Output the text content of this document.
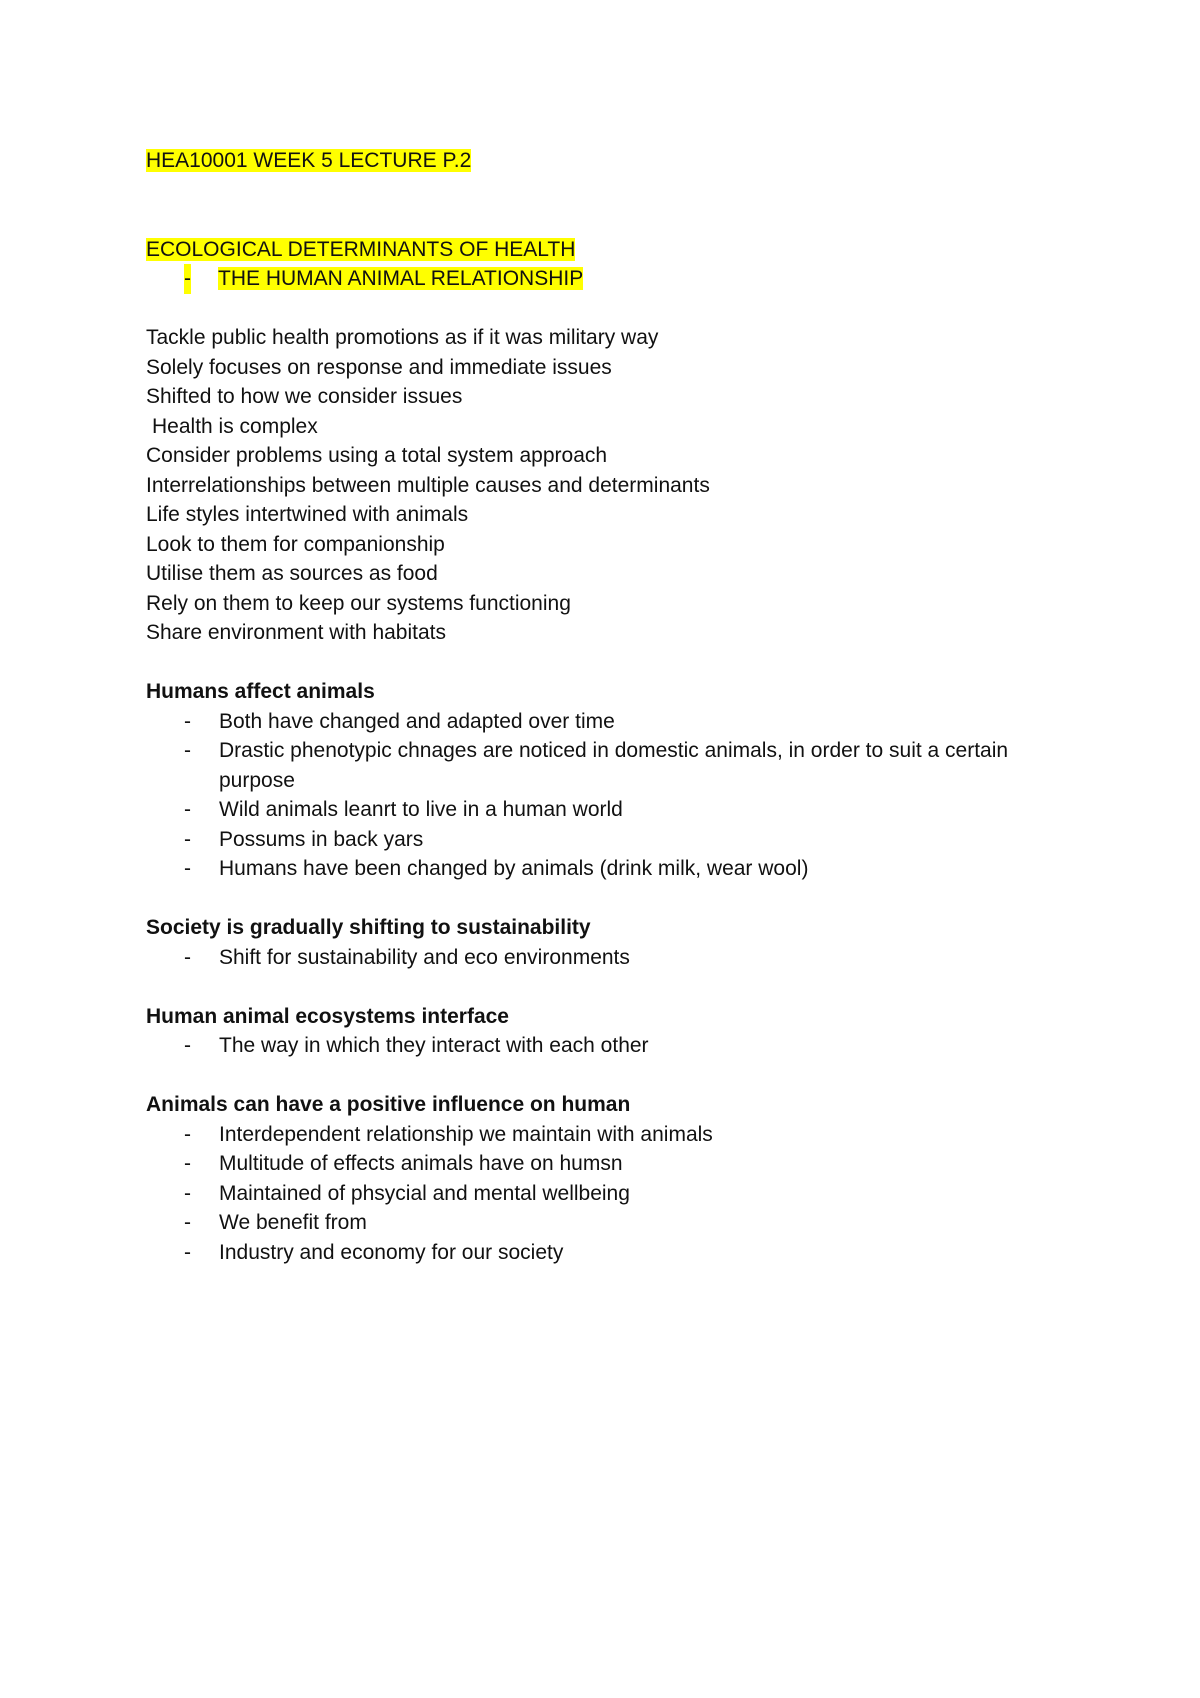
HEA10001 WEEK 5 LECTURE P.2

ECOLOGICAL DETERMINANTS OF HEALTH

- THE HUMAN ANIMAL RELATIONSHIP

Tackle public health promotions as if it was military way
Solely focuses on response and immediate issues
Shifted to how we consider issues
Health is complex
Consider problems using a total system approach
Interrelationships between multiple causes and determinants
Life styles intertwined with animals
Look to them for companionship
Utilise them as sources as food
Rely on them to keep our systems functioning
Share environment with habitats

Humans affect animals

- Both have changed and adapted over time
- Drastic phenotypic chnages are noticed in domestic animals, in order to suit a certain purpose
- Wild animals leanrt to live in a human world
- Possums in back yars
- Humans have been changed by animals (drink milk, wear wool)

Society is gradually shifting to sustainability

- Shift for sustainability and eco environments

Human animal ecosystems interface

- The way in which they interact with each other

Animals can have a positive influence on human

- Interdependent relationship we maintain with animals
- Multitude of effects animals have on humsn
- Maintained of phsycial and mental wellbeing
- We benefit from
- Industry and economy for our society
